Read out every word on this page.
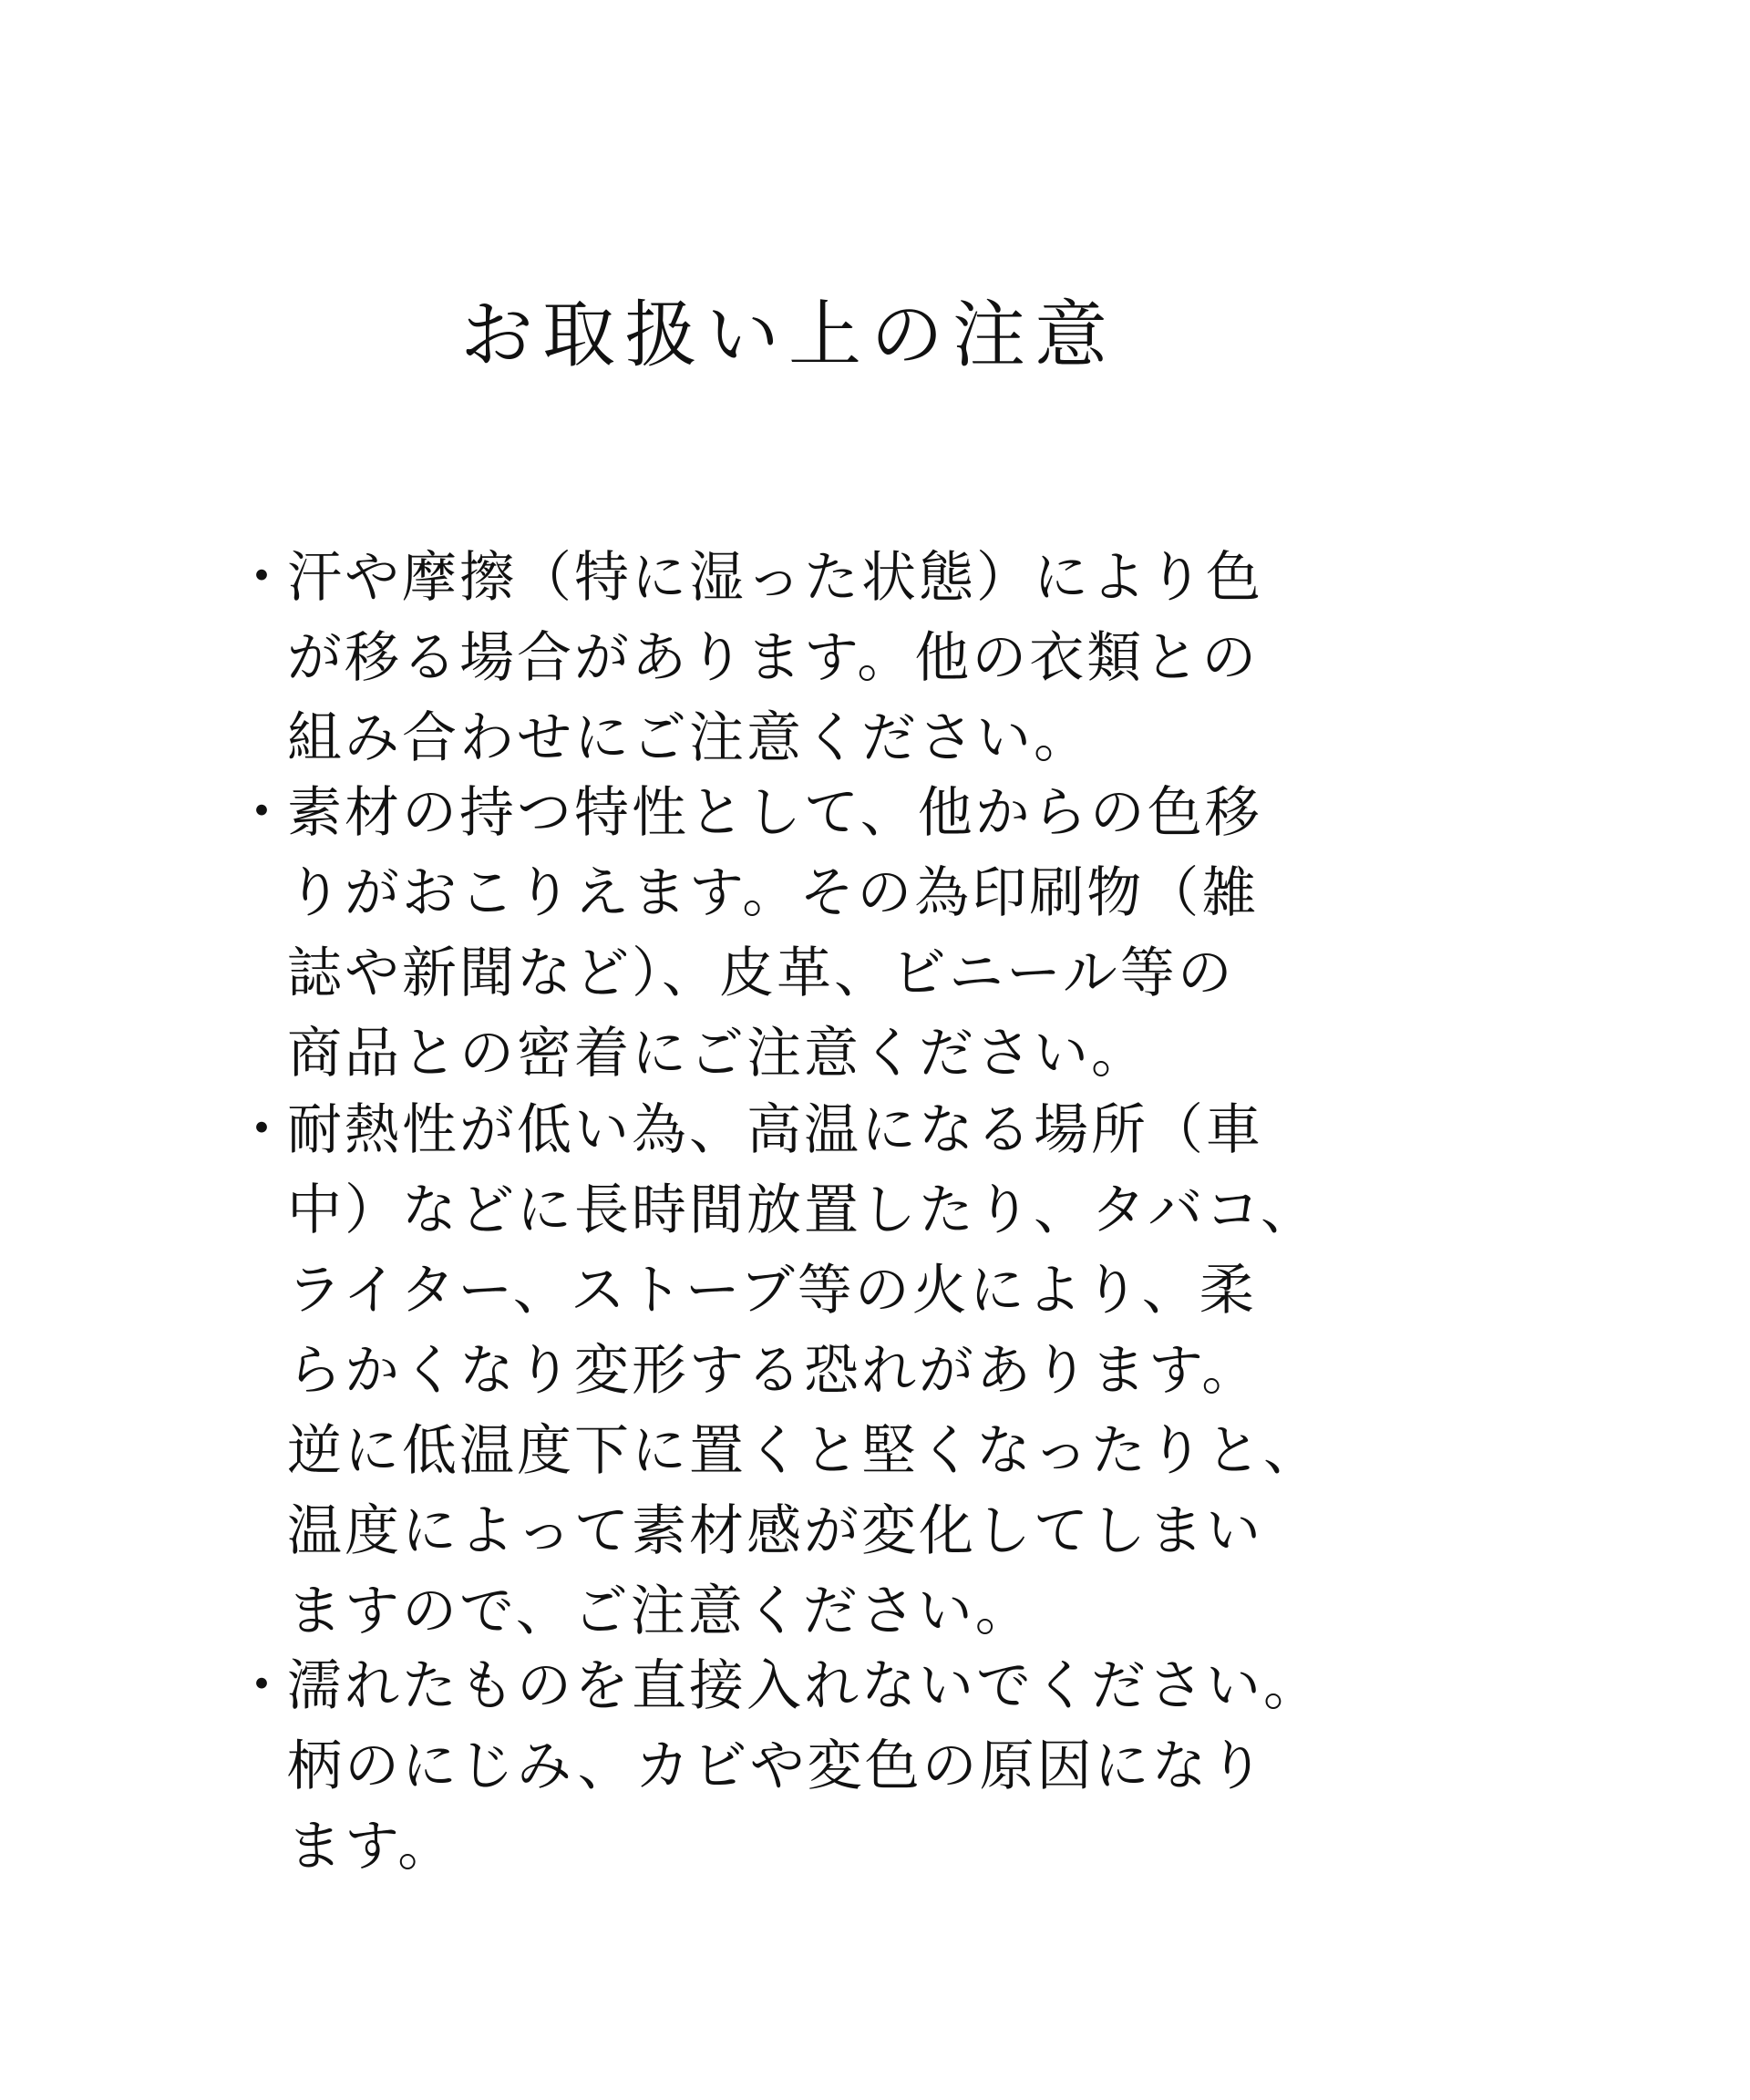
お取扱い上の注意
・
汗や摩擦（特に湿った状態）により色
が移る場合があります。他の衣類との
組み合わせにご注意ください。
・
素材の持つ特性として、他からの色移
りがおこりえます。その為印刷物（雑
誌や新聞など）、皮革、ビニール等の
商品との密着にご注意ください。
・
耐熱性が低い為、高温になる場所（車
中）などに長時間放置したり、タバコ、
ライター、ストーブ等の火により、柔
らかくなり変形する恐れがあります。
逆に低温度下に置くと堅くなったりと、
温度によって素材感が変化してしまい
ますので、ご注意ください。
・
濡れたものを直接入れないでください。
柄のにじみ、カビや変色の原因になり
ます。
